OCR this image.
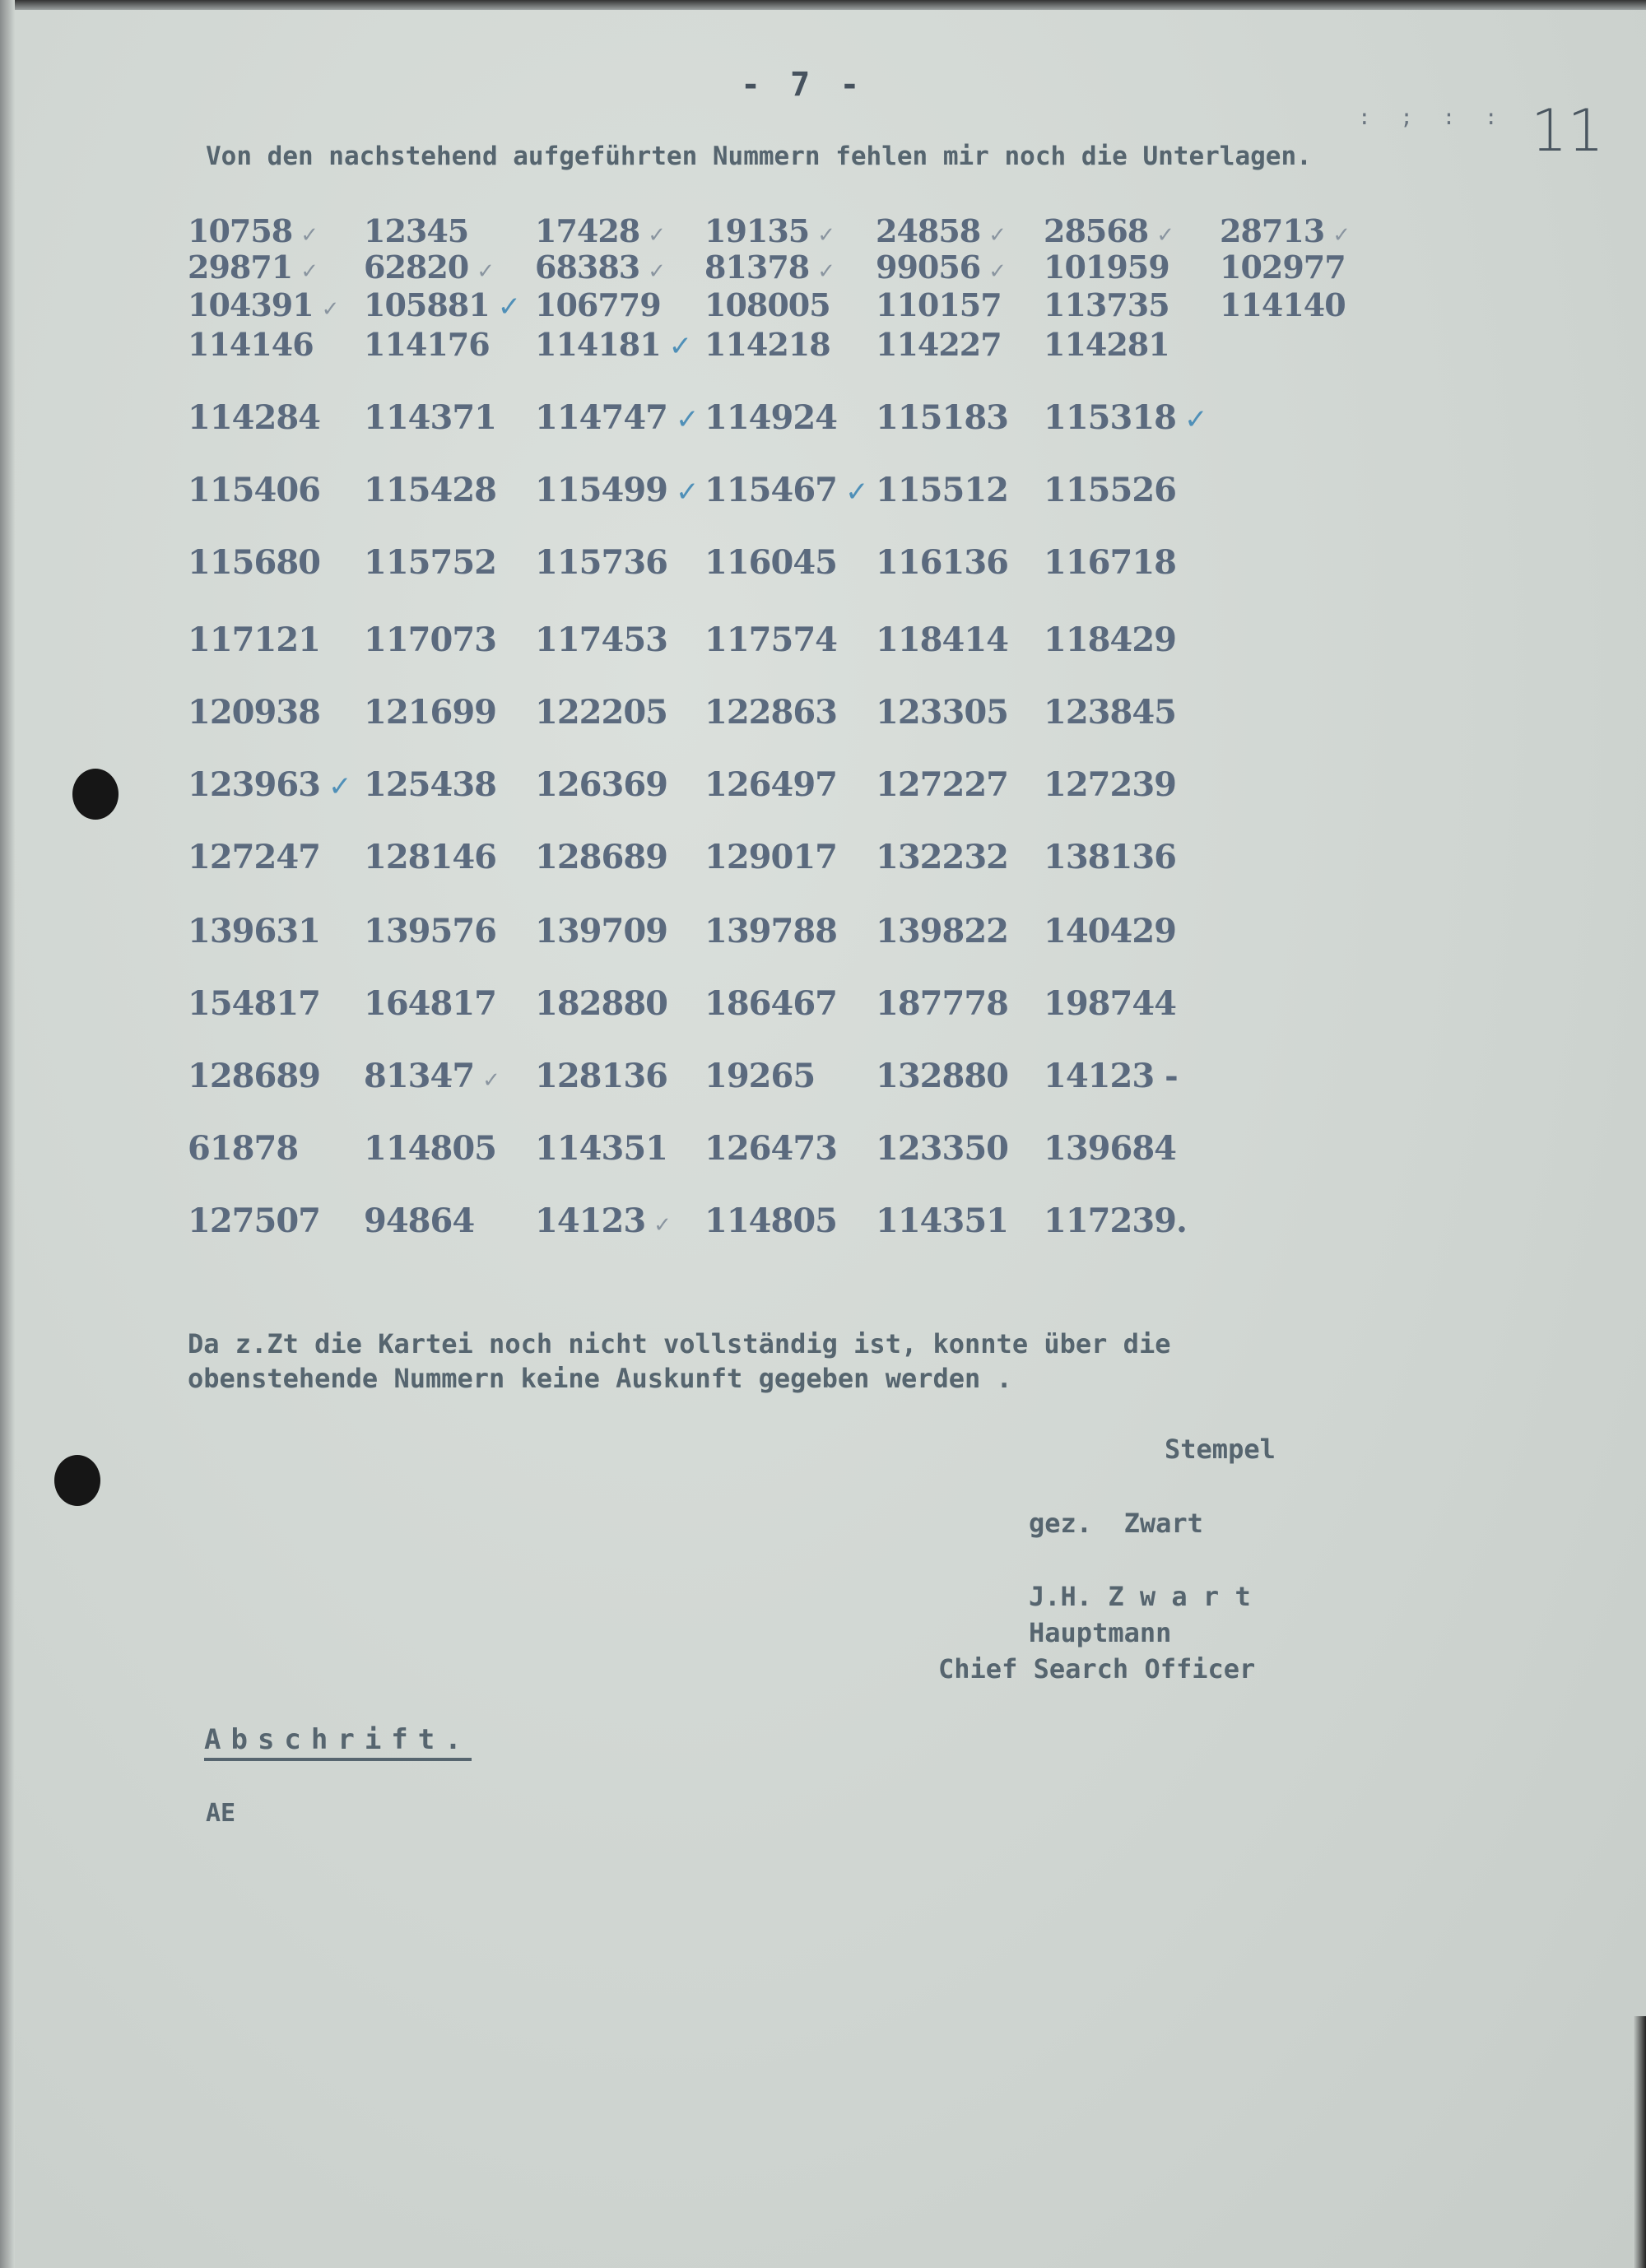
- 7 -
: ; : : 11
Von den nachstehend aufgeführten Nummern fehlen mir noch die Unterlagen.
10758 ✓ 12345 17428 ✓ 19135 ✓ 24858 ✓ 28568 ✓ 28713 ✓
29871 ✓ 62820 ✓ 68383 ✓ 81378 ✓ 99056 ✓ 101959 102977
104391 ✓ 105881 ✓ 106779 108005 110157 113735 114140
114146 114176 114181 ✓ 114218 114227 114281
114284 114371 114747 ✓ 114924 115183 115318 ✓
115406 115428 115499 ✓ 115467 ✓ 115512 115526
115680 115752 115736 116045 116136 116718
117121 117073 117453 117574 118414 118429
120938 121699 122205 122863 123305 123845
123963 ✓ 125438 126369 126497 127227 127239
127247 128146 128689 129017 132232 138136
139631 139576 139709 139788 139822 140429
154817 164817 182880 186467 187778 198744
128689 81347 ✓ 128136 19265 132880 14123 -
61878 114805 114351 126473 123350 139684
127507 94864 14123 ✓ 114805 114351 117239.
Da z.Zt die Kartei noch nicht vollständig ist, konnte über die
obenstehende Nummern keine Auskunft gegeben werden .
Stempel
gez.  Zwart
J.H. Z w a r t
Hauptmann
Chief Search Officer
Abschrift.
AE
